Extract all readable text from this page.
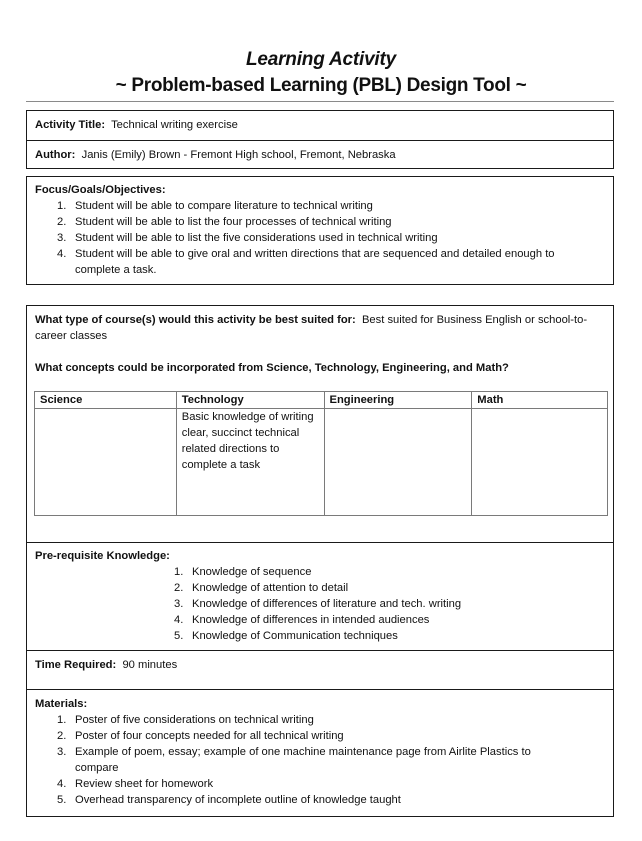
Learning Activity
~ Problem-based Learning (PBL) Design Tool ~
Activity Title: Technical writing exercise
Author: Janis (Emily) Brown - Fremont High school, Fremont, Nebraska
Focus/Goals/Objectives:
1. Student will be able to compare literature to technical writing
2. Student will be able to list the four processes of technical writing
3. Student will be able to list the five considerations used in technical writing
4. Student will be able to give oral and written directions that are sequenced and detailed enough to complete a task.
What type of course(s) would this activity be best suited for: Best suited for Business English or school-to-career classes
What concepts could be incorporated from Science, Technology, Engineering, and Math?
Science	Technology	Engineering	Math
	Basic knowledge of writing clear, succinct technical related directions to complete a task		
Pre-requisite Knowledge:
1. Knowledge of sequence
2. Knowledge of attention to detail
3. Knowledge of differences of literature and tech. writing
4. Knowledge of differences in intended audiences
5. Knowledge of Communication techniques
Time Required: 90 minutes
Materials:
1. Poster of five considerations on technical writing
2. Poster of four concepts needed for all technical writing
3. Example of poem, essay; example of one machine maintenance page from Airlite Plastics to compare
4. Review sheet for homework
5. Overhead transparency of incomplete outline of knowledge taught
